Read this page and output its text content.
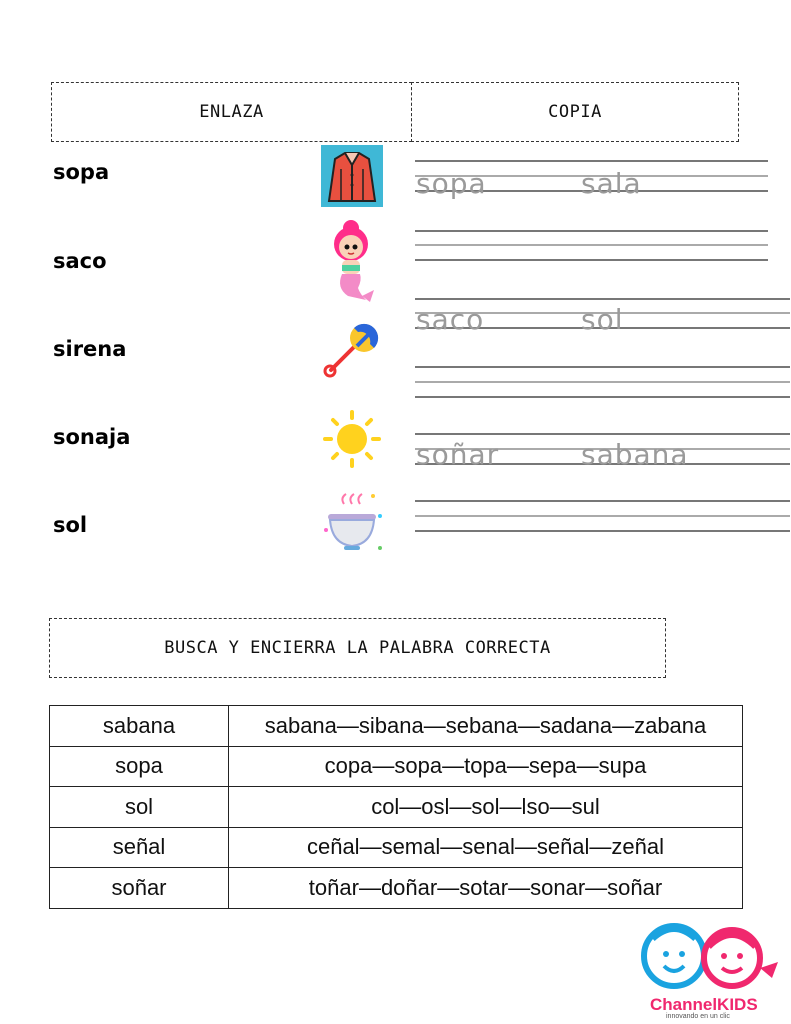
ENLAZA	COPIA
sopa
saco
sirena
sonaja
sol
sopa	sala
saco	sol
soñar	sabana
BUSCA Y ENCIERRA LA PALABRA CORRECTA
sabana	sabana—sibana—sebana—sadana—zabana
sopa	copa—sopa—topa—sepa—supa
sol	col—osl—sol—lso—sul
señal	ceñal—semal—senal—señal—zeñal
soñar	toñar—doñar—sotar—sonar—soñar
ChannelKIDS
innovando en un clic
